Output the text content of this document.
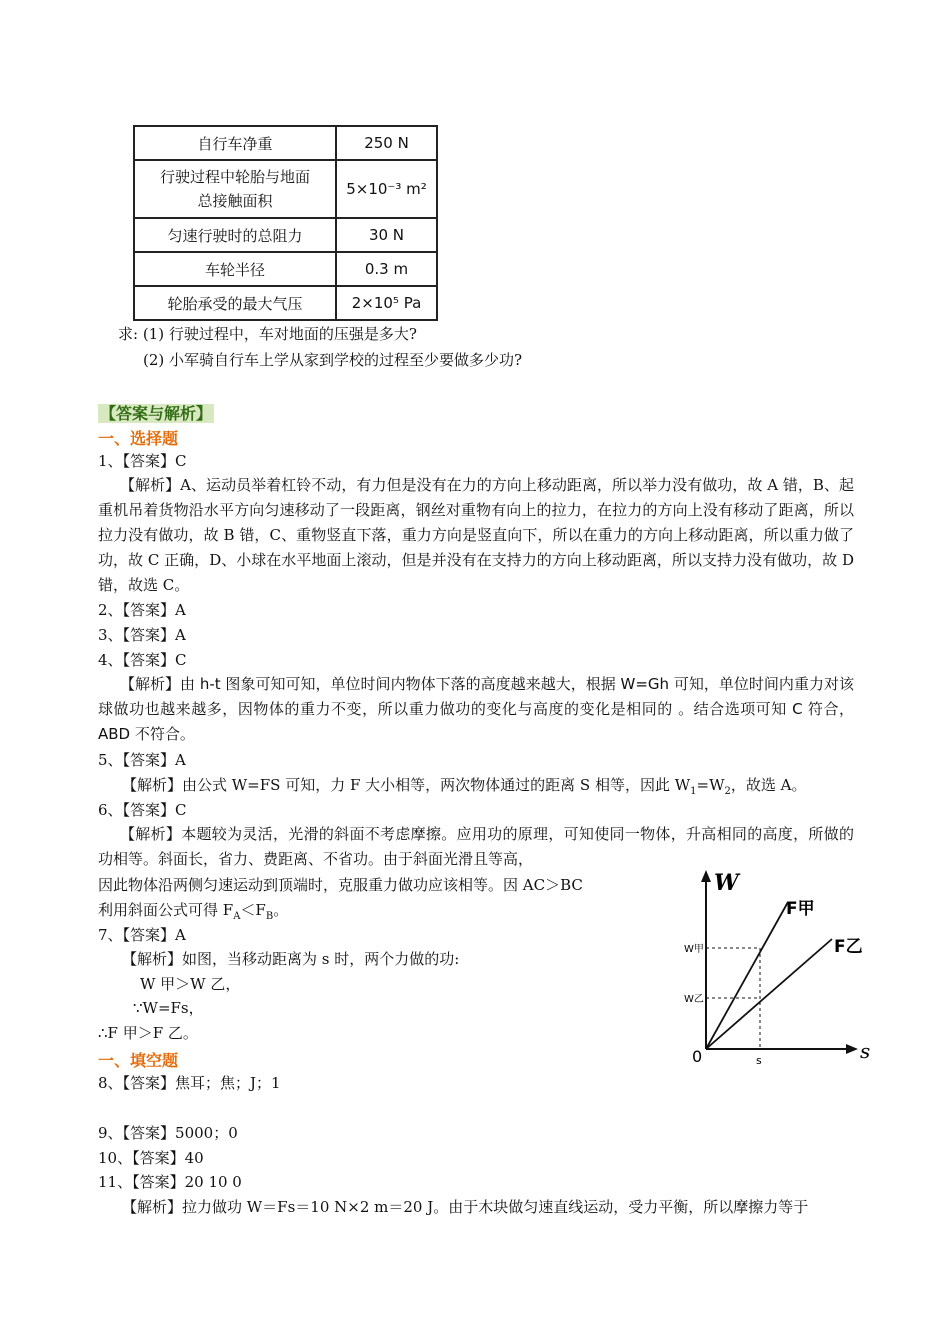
自行车净重	250 N

行驶过程中轮胎与地面
总接触面积	5×10⁻³ m²
匀速行驶时的总阻力	30 N
车轮半径	0.3 m
轮胎承受的最大气压	2×10⁵ Pa
求: (1) 行驶过程中，车对地面的压强是多大?
(2) 小军骑自行车上学从家到学校的过程至少要做多少功?
【答案与解析】
一、选择题
1、【答案】C
【解析】A、运动员举着杠铃不动，有力但是没有在力的方向上移动距离，所以举力没有做功，故 A 错，B、起重机吊着货物沿水平方向匀速移动了一段距离，钢丝对重物有向上的拉力，在拉力的方向上没有移动了距离，所以拉力没有做功，故 B 错，C、重物竖直下落，重力方向是竖直向下，所以在重力的方向上移动距离，所以重力做了功，故 C 正确，D、小球在水平地面上滚动，但是并没有在支持力的方向上移动距离，所以支持力没有做功，故 D 错，故选 C。
2、【答案】A
3、【答案】A
4、【答案】C
【解析】由 h-t 图象可知可知，单位时间内物体下落的高度越来越大，根据 W=Gh 可知，单位时间内重力对该球做功也越来越多，因物体的重力不变，所以重力做功的变化与高度的变化是相同的 。结合选项可知 C 符合，ABD 不符合。
5、【答案】A
【解析】由公式 W=FS 可知，力 F 大小相等，两次物体通过的距离 S 相等，因此 $W_1=W_2$，故选 A。
6、【答案】C
【解析】本题较为灵活，光滑的斜面不考虑摩擦。应用功的原理，可知使同一物体，升高相同的高度，所做的功相等。斜面长，省力、费距离、不省功。由于斜面光滑且等高，
因此物体沿两侧匀速运动到顶端时，克服重力做功应该相等。因 AC＞BC
利用斜面公式可得 $F_A<F_B$。
7、【答案】A
【解析】如图，当移动距离为 s 时，两个力做的功:
W 甲＞W 乙，
∵W=Fs，
∴F 甲＞F 乙。
一、填空题
8、【答案】焦耳；焦；J；1
9、【答案】5000；0
10、【答案】40
11、【答案】20 10 0
【解析】拉力做功 W＝Fs＝10 N×2 m＝20 J。由于木块做匀速直线运动，受力平衡，所以摩擦力等于
W
s
0
F甲
F乙
W甲
W乙
s
